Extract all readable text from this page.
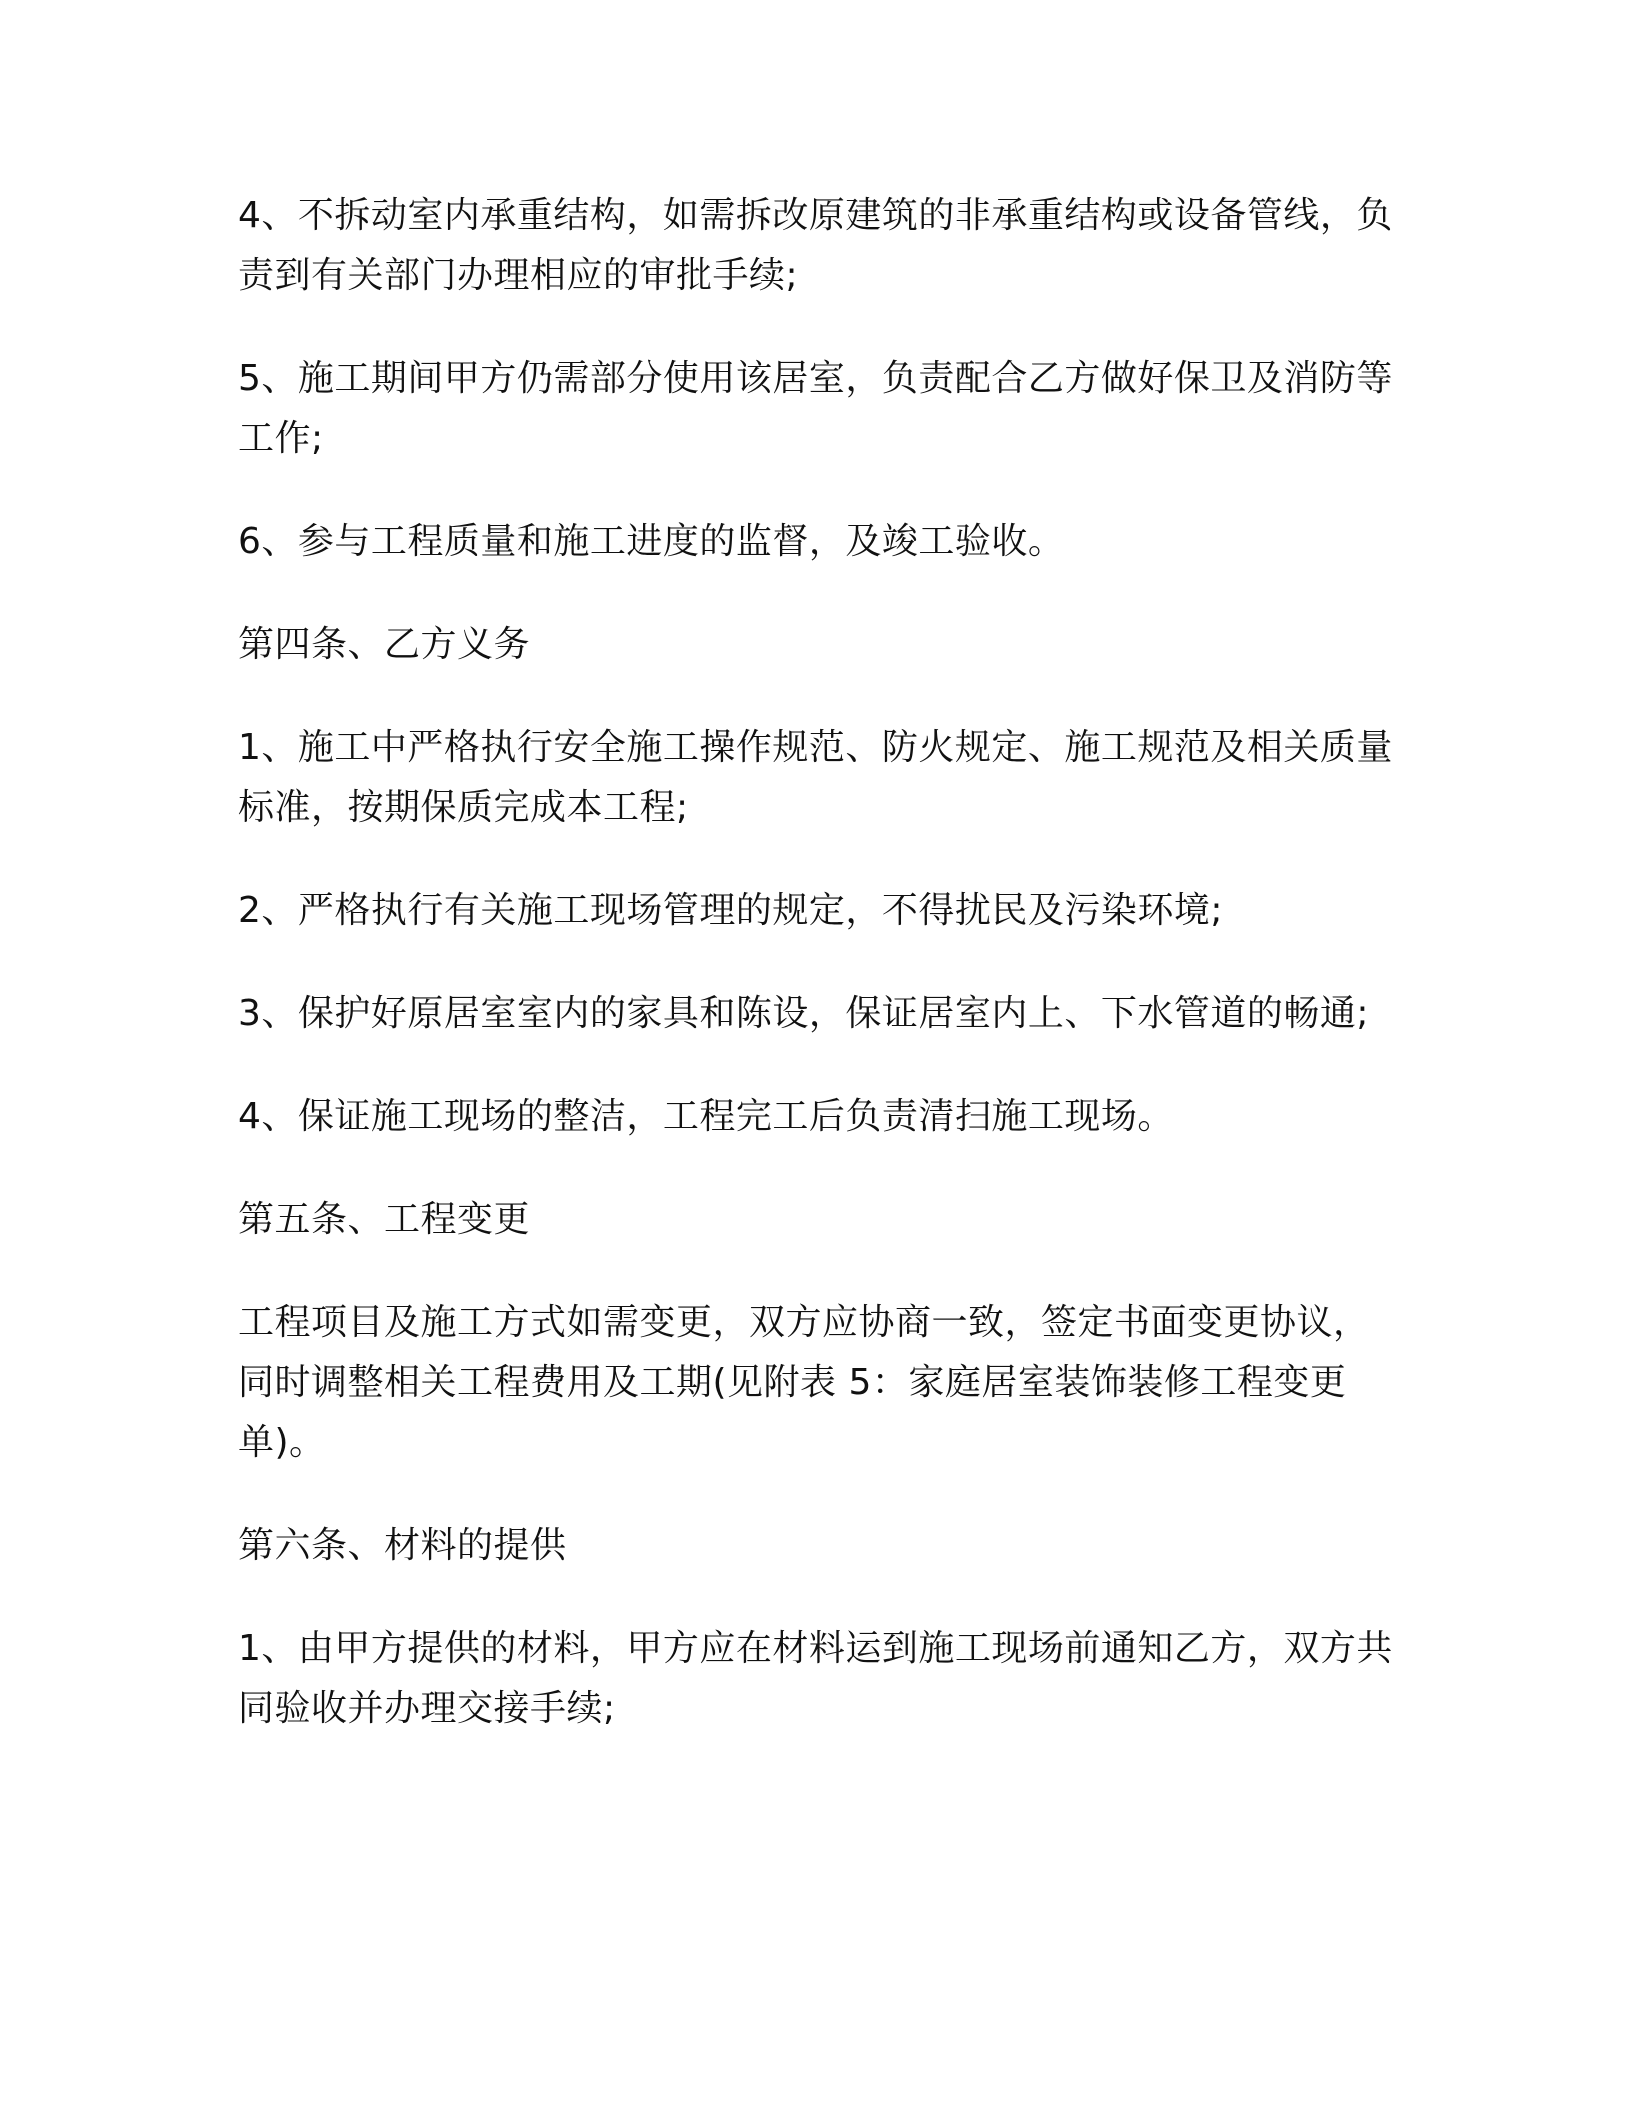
4、不拆动室内承重结构，如需拆改原建筑的非承重结构或设备管线，负责到有关部门办理相应的审批手续;

5、施工期间甲方仍需部分使用该居室，负责配合乙方做好保卫及消防等工作;

6、参与工程质量和施工进度的监督，及竣工验收。

第四条、乙方义务

1、施工中严格执行安全施工操作规范、防火规定、施工规范及相关质量标准，按期保质完成本工程;

2、严格执行有关施工现场管理的规定，不得扰民及污染环境;

3、保护好原居室室内的家具和陈设，保证居室内上、下水管道的畅通;

4、保证施工现场的整洁，工程完工后负责清扫施工现场。

第五条、工程变更

工程项目及施工方式如需变更，双方应协商一致，签定书面变更协议，同时调整相关工程费用及工期(见附表 5：家庭居室装饰装修工程变更单)。

第六条、材料的提供

1、由甲方提供的材料，甲方应在材料运到施工现场前通知乙方，双方共同验收并办理交接手续;
